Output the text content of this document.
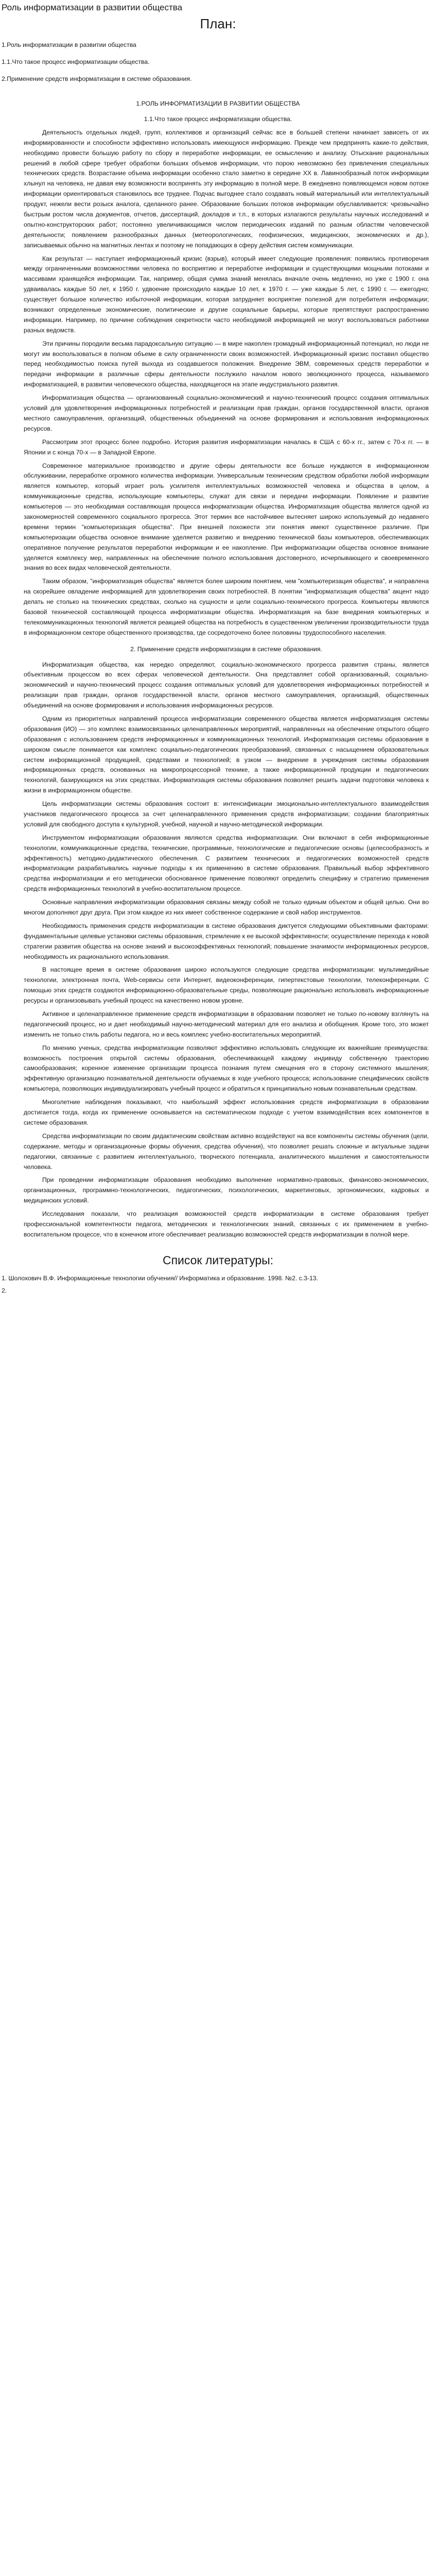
Роль информатизации в развитии общества
План:
1.Роль информатизации в развитии общества
1.1.Что такое процесс информатизации общества.
2.Применение средств информатизации в системе образования.
1.РОЛЬ ИНФОРМАТИЗАЦИИ В РАЗВИТИИ ОБЩЕСТВА
1.1.Что такое процесс информатизации общества.

Деятельность отдельных людей, групп, коллективов и организаций сейчас все в большей степени начинает зависеть от их информированности и способности эффективно использовать имеющуюся информацию. Прежде чем предпринять какие-то действия, необходимо провести большую работу по сбору и переработке информации, ее осмыслению и анализу. Отыскание рациональных решений в любой сфере требует обработки больших объемов информации, что порою невозможно без привлечения специальных технических средств. Возрастание объема информации особенно стало заметно в середине XX в. Лавинообразный поток информации хлынул на человека, не давая ему возможности воспринять эту информацию в полной мере. В ежедневно появляющемся новом потоке информации ориентироваться становилось все труднее. Подчас выгоднее стало создавать новый материальный или интеллектуальный продукт, нежели вести розыск аналога, сделанного ранее. Образование больших потоков информации обуславливается: чрезвычайно быстрым ростом числа документов, отчетов, диссертаций, докладов и т.п., в которых излагаются результаты научных исследований и опытно-конструкторских работ; постоянно увеличивающимся числом периодических изданий по разным областям человеческой деятельности; появлением разнообразных данных (метеорологических, геофизических, медицинских, экономических и др.), записываемых обычно на магнитных лентах и поэтому не попадающих в сферу действия систем коммуникации.

Как результат — наступает информационный кризис (взрыв), который имеет следующие проявления: появились противоречия между ограниченными возможностями человека по восприятию и переработке информации и существующими мощными потоками и массивами хранящейся информации. Так, например, общая сумма знаний менялась вначале очень медленно, но уже с 1900 г. она удваивалась каждые 50 лет, к 1950 г. удвоение происходило каждые 10 лет, к 1970 г. — уже каждые 5 лет, с 1990 г. — ежегодно; существует большое количество избыточной информации, которая затрудняет восприятие полезной для потребителя информации; возникают определенные экономические, политические и другие социальные барьеры, которые препятствуют распространению информации. Например, по причине соблюдения секретности часто необходимой информацией не могут воспользоваться работники разных ведомств.

Эти причины породили весьма парадоксальную ситуацию — в мире накоплен громадный информационный потенциал, но люди не могут им воспользоваться в полном объеме в силу ограниченности своих возможностей. Информационный кризис поставил общество перед необходимостью поиска путей выхода из создавшегося положения. Внедрение ЭВМ, современных средств переработки и передачи информации в различные сферы деятельности послужило началом нового эволюционного процесса, называемого информатизацией, в развитии человеческого общества, находящегося на этапе индустриального развития.

Информатизация общества — организованный социально-экономический и научно-технический процесс создания оптимальных условий для удовлетворения информационных потребностей и реализации прав граждан, органов государственной власти, органов местного самоуправления, организаций, общественных объединений на основе формирования и использования информационных ресурсов.

Рассмотрим этот процесс более подробно. История развития информатизации началась в США с 60-х гг., затем с 70-х гг. — в Японии и с конца 70-х — в Западной Европе.

Современное материальное производство и другие сферы деятельности все больше нуждаются в информационном обслуживании, переработке огромного количества информации. Универсальным техническим средством обработки любой информации является компьютер, который играет роль усилителя интеллектуальных возможностей человека и общества в целом, а коммуникационные средства, использующие компьютеры, служат для связи и передачи информации. Появление и развитие компьютеров — это необходимая составляющая процесса информатизации общества. Информатизация общества является одной из закономерностей современного социального прогресса. Этот термин все настойчивее вытесняет широко используемый до недавнего времени термин "компьютеризация общества". При внешней похожести эти понятия имеют существенное различие. При компьютеризации общества основное внимание уделяется развитию и внедрению технической базы компьютеров, обеспечивающих оперативное получение результатов переработки информации и ее накопление. При информатизации общества основное внимание уделяется комплексу мер, направленных на обеспечение полного использования достоверного, исчерпывающего и своевременного знания во всех видах человеческой деятельности.

Таким образом, "информатизация общества" является более широким понятием, чем "компьютеризация общества", и направлена на скорейшее овладение информацией для удовлетворения своих потребностей. В понятии "информатизация общества" акцент надо делать не столько на технических средствах, сколько на сущности и цели социально-технического прогресса. Компьютеры являются базовой технической составляющей процесса информатизации общества. Информатизация на базе внедрения компьютерных и телекоммуникационных технологий является реакцией общества на потребность в существенном увеличении производительности труда в информационном секторе общественного производства, где сосредоточено более половины трудоспособного населения.

2. Применение средств информатизации в системе образования.

Информатизация общества, как нередко определяют, социально-экономического прогресса развития страны, является объективным процессом во всех сферах человеческой деятельности. Она представляет собой организованный, социально-экономический и научно-технический процесс создания оптимальных условий для удовлетворения информационных потребностей и реализации прав граждан, органов государственной власти, органов местного самоуправления, организаций, общественных объединений на основе формирования и использования информационных ресурсов.

Одним из приоритетных направлений процесса информатизации современного общества является информатизация системы образования (ИО) — это комплекс взаимосвязанных целенаправленных мероприятий, направленных на обеспечение открытого общего образования с использованием средств информационных и коммуникационных технологий. Информатизация системы образования в широком смысле понимается как комплекс социально-педагогических преобразований, связанных с насыщением образовательных систем информационной продукцией, средствами и технологией; в узком — внедрение в учреждения системы образования информационных средств, основанных на микропроцессорной технике, а также информационной продукции и педагогических технологий, базирующихся на этих средствах. Информатизация системы образования позволяет решить задачи подготовки человека к жизни в информационном обществе.

Цель информатизации системы образования состоит в: интенсификации эмоционально-интеллектуального взаимодействия участников педагогического процесса за счет целенаправленного применения средств информатизации; создании благоприятных условий для свободного доступа к культурной, учебной, научной и научно-методической информации.

Инструментом информатизации образования являются средства информатизации. Они включают в себя информационные технологии, коммуникационные средства, технические, программные, технологические и педагогические основы (целесообразность и эффективность) методико-дидактического обеспечения. С развитием технических и педагогических возможностей средств информатизации разрабатывались научные подходы к их применению в системе образования. Правильный выбор эффективного средства информатизации и его методически обоснованное применение позволяют определить специфику и стратегию применения средств информационных технологий в учебно-воспитательном процессе.

Основные направления информатизации образования связаны между собой не только единым объектом и общей целью. Они во многом дополняют друг друга. При этом каждое из них имеет собственное содержание и свой набор инструментов.

Необходимость применения средств информатизации в системе образования диктуется следующими объективными факторами: фундаментальные целевые установки системы образования, стремление к ее высокой эффективности; осуществление перехода к новой стратегии развития общества на основе знаний и высокоэффективных технологий; повышение значимости информационных ресурсов, необходимость их рационального использования.

В настоящее время в системе образования широко используются следующие средства информатизации: мультимедийные технологии, электронная почта, Web-сервисы сети Интернет, видеоконференции, гипертекстовые технологии, телеконференции. С помощью этих средств создаются информационно-образовательные среды, позволяющие рационально использовать информационные ресурсы и организовывать учебный процесс на качественно новом уровне.

Активное и целенаправленное применение средств информатизации в образовании позволяет не только по-новому взглянуть на педагогический процесс, но и дает необходимый научно-методический материал для его анализа и обобщения. Кроме того, это может изменить не только стиль работы педагога, но и весь комплекс учебно-воспитательных мероприятий.

По мнению ученых, средства информатизации позволяют эффективно использовать следующие их важнейшие преимущества: возможность построения открытой системы образования, обеспечивающей каждому индивиду собственную траекторию самообразования; коренное изменение организации процесса познания путем смещения его в сторону системного мышления; эффективную организацию познавательной деятельности обучаемых в ходе учебного процесса; использование специфических свойств компьютера, позволяющих индивидуализировать учебный процесс и обратиться к принципиально новым познавательным средствам.

Многолетние наблюдения показывают, что наибольший эффект использования средств информатизации в образовании достигается тогда, когда их применение основывается на систематическом подходе с учетом взаимодействия всех компонентов в системе образования.

Средства информатизации по своим дидактическим свойствам активно воздействуют на все компоненты системы обучения (цели, содержание, методы и организационные формы обучения, средства обучения), что позволяет решать сложные и актуальные задачи педагогики, связанные с развитием интеллектуального, творческого потенциала, аналитического мышления и самостоятельности человека.

При проведении информатизации образования необходимо выполнение нормативно-правовых, финансово-экономических, организационных, программно-технологических, педагогических, психологических, маркетинговых, эргономических, кадровых и медицинских условий.

Исследования показали, что реализация возможностей средств информатизации в системе образования требует профессиональной компетентности педагога, методических и технологических знаний, связанных с их применением в учебно-воспитательном процессе, что в конечном итоге обеспечивает реализацию возможностей средств информатизации в полной мере.

Список литературы:
1. Шолохович В.Ф. Информационные технологии обучения// Информатика и образование. 1998. №2. с.3-13.
2.
